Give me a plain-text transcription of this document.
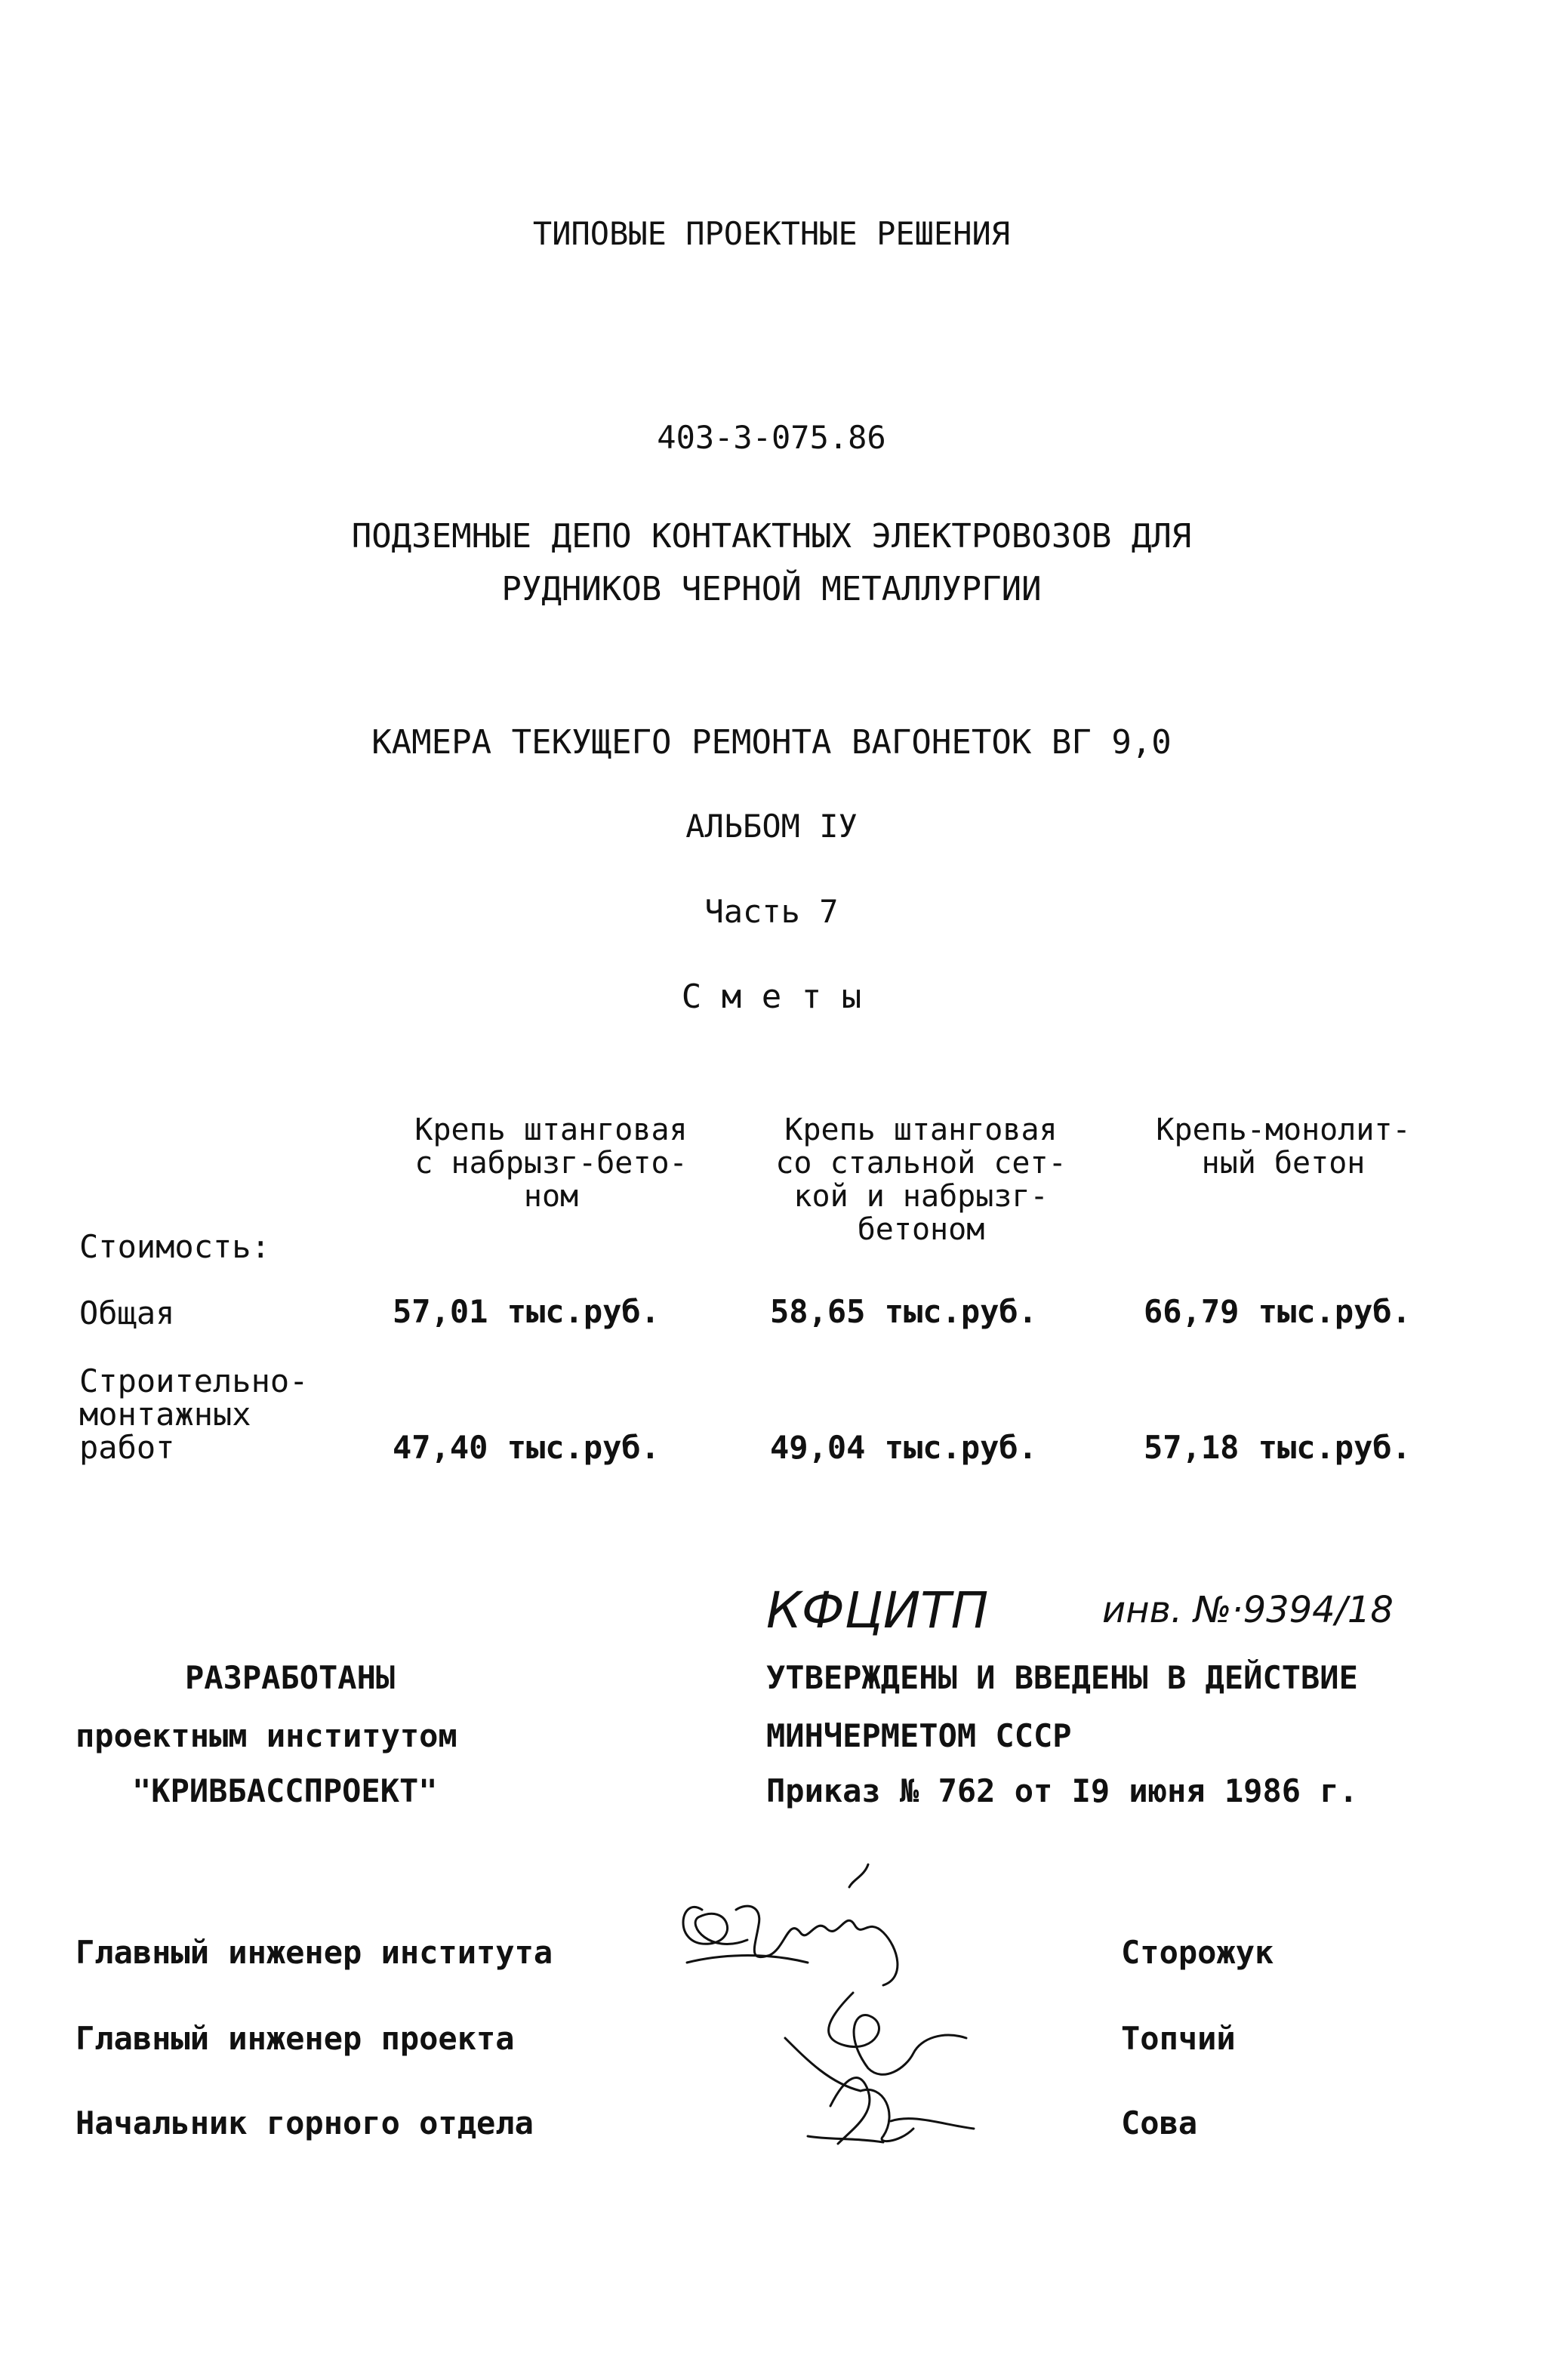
ТИПОВЫЕ ПРОЕКТНЫЕ РЕШЕНИЯ
403-3-075.86
ПОДЗЕМНЫЕ ДЕПО КОНТАКТНЫХ ЭЛЕКТРОВОЗОВ ДЛЯ
РУДНИКОВ ЧЕРНОЙ МЕТАЛЛУРГИИ
КАМЕРА ТЕКУЩЕГО РЕМОНТА ВАГОНЕТОК ВГ 9,0
АЛЬБОМ IУ
Часть 7
С м е т ы
Крепь штанговая
с набрызг-бето-
ном
Крепь штанговая
со стальной сет-
кой и набрызг-
бетоном
Крепь-монолит-
ный бетон
Стоимость:
Общая	57,01 тыс.руб.	58,65 тыс.руб.	66,79 тыс.руб.
Строительно-
монтажных
работ	47,40 тыс.руб.	49,04 тыс.руб.	57,18 тыс.руб.
КФЦИТП	инв. №·9394/18
РАЗРАБОТАНЫ
проектным институтом
"КРИВБАССПРОЕКТ"
УТВЕРЖДЕНЫ И ВВЕДЕНЫ В ДЕЙСТВИЕ
МИНЧЕРМЕТОМ СССР
Приказ № 762 от I9 июня 1986 г.
Главный инженер института	Сторожук
Главный инженер проекта	Топчий
Начальник горного отдела	Сова
